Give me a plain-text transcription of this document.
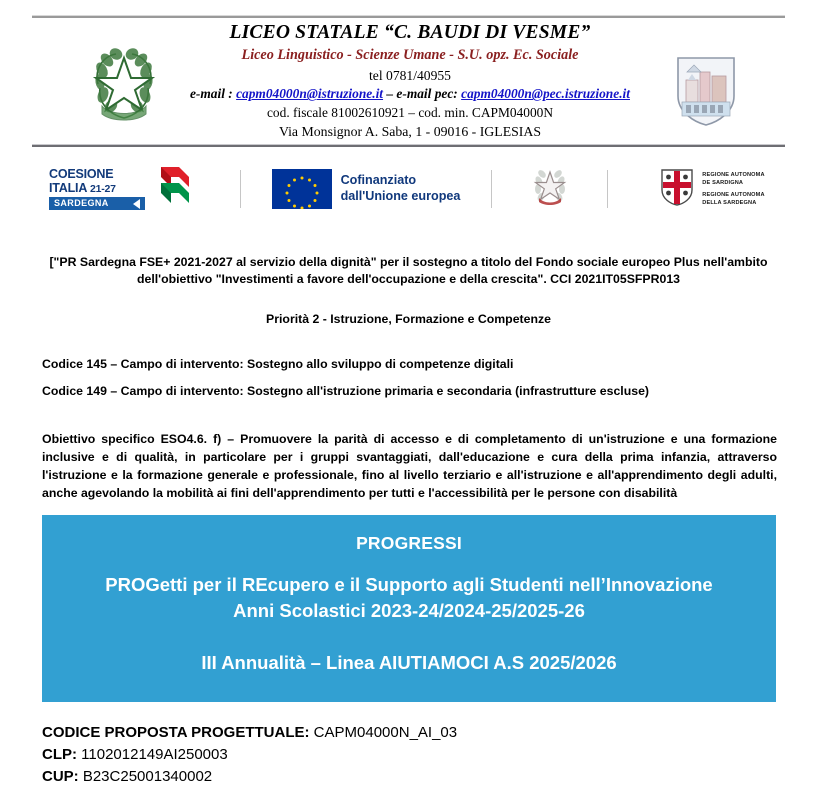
LICEO STATALE “C. BAUDI DI VESME”
Liceo Linguistico - Scienze Umane - S.U. opz. Ec. Sociale
tel 0781/40955
e-mail : capm04000n@istruzione.it – e-mail pec: capm04000n@pec.istruzione.it
cod. fiscale 81002610921 – cod. min. CAPM04000N
Via Monsignor A. Saba, 1 - 09016 - IGLESIAS
COESIONE
ITALIA 21-27
SARDEGNA
Cofinanziato
dall'Unione europea
REGIONE AUTONOMA
DE SARDIGNA
REGIONE AUTONOMA
DELLA SARDEGNA
["PR Sardegna FSE+ 2021-2027 al servizio della dignità" per il sostegno a titolo del Fondo sociale europeo Plus nell'ambito dell'obiettivo "Investimenti a favore dell'occupazione e della crescita". CCI 2021IT05SFPR013
Priorità 2 - Istruzione, Formazione e Competenze
Codice 145 – Campo di intervento: Sostegno allo sviluppo di competenze digitali
Codice 149 – Campo di intervento: Sostegno all'istruzione primaria e secondaria (infrastrutture escluse)
Obiettivo specifico ESO4.6. f) – Promuovere la parità di accesso e di completamento di un'istruzione e una formazione inclusive e di qualità, in particolare per i gruppi svantaggiati, dall'educazione e cura della prima infanzia, attraverso l'istruzione e la formazione generale e professionale, fino al livello terziario e all'istruzione e all'apprendimento degli adulti, anche agevolando la mobilità ai fini dell'apprendimento per tutti e l'accessibilità per le persone con disabilità
PROGRESSI
PROGetti per il REcupero e il Supporto agli Studenti nell’Innovazione
Anni Scolastici 2023-24/2024-25/2025-26
III Annualità – Linea AIUTIAMOCI A.S 2025/2026
CODICE PROPOSTA PROGETTUALE: CAPM04000N_AI_03
CLP: 1102012149AI250003
CUP: B23C25001340002
